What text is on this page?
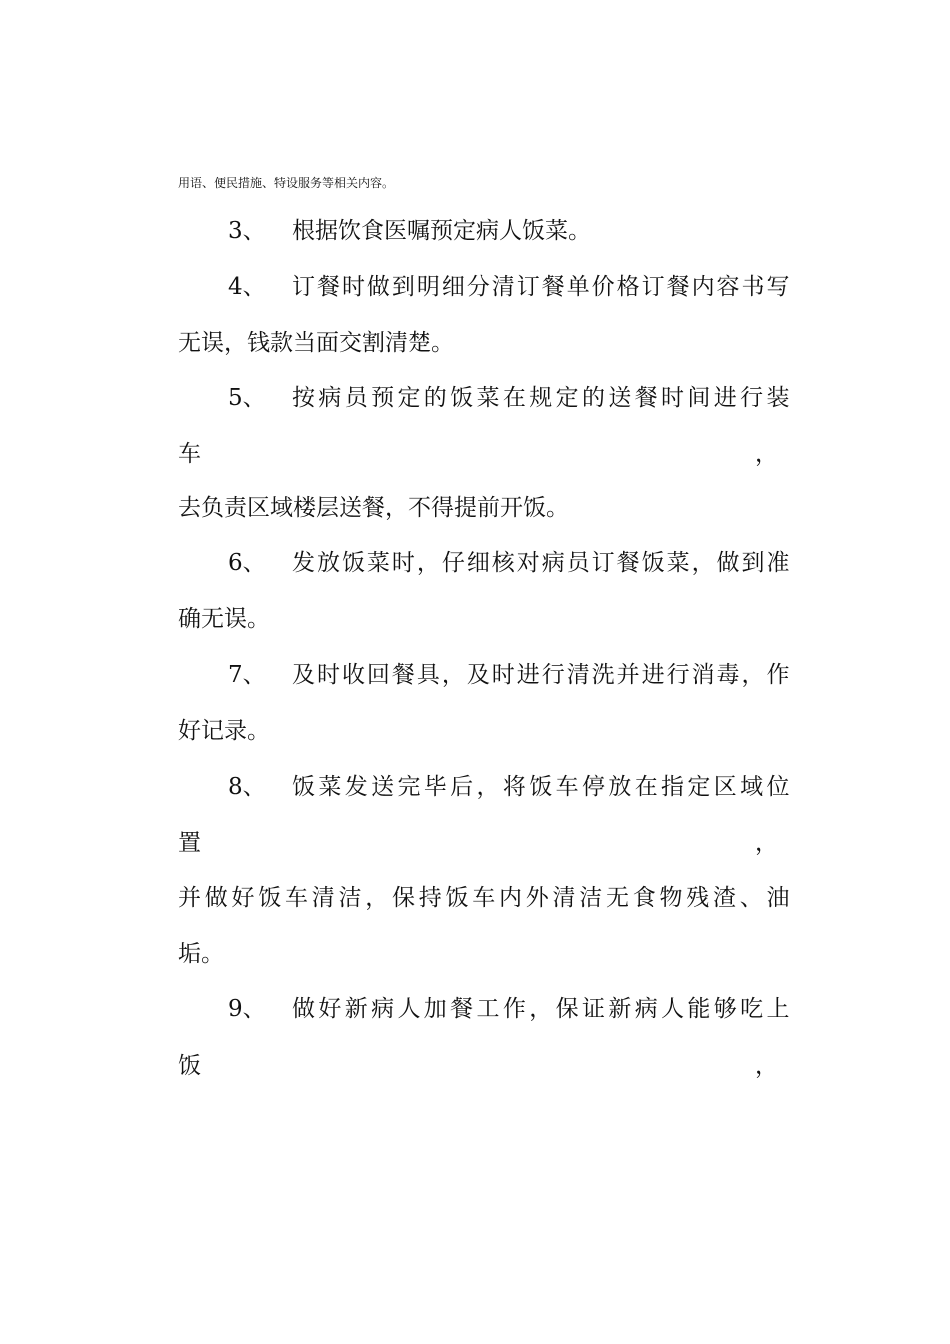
用语、便民措施、特设服务等相关内容。
3、	根据饮食医嘱预定病人饭菜。
4、	订餐时做到明细分清订餐单价格订餐内容书写
无误，钱款当面交割清楚。
5、	按病员预定的饭菜在规定的送餐时间进行装
车	，
去负责区域楼层送餐，不得提前开饭。
6、	发放饭菜时，仔细核对病员订餐饭菜，做到准
确无误。
7、	及时收回餐具，及时进行清洗并进行消毒，作
好记录。
8、	饭菜发送完毕后，将饭车停放在指定区域位
置	，
并做好饭车清洁，保持饭车内外清洁无食物残渣、油
垢。
9、	做好新病人加餐工作，保证新病人能够吃上
饭	，
